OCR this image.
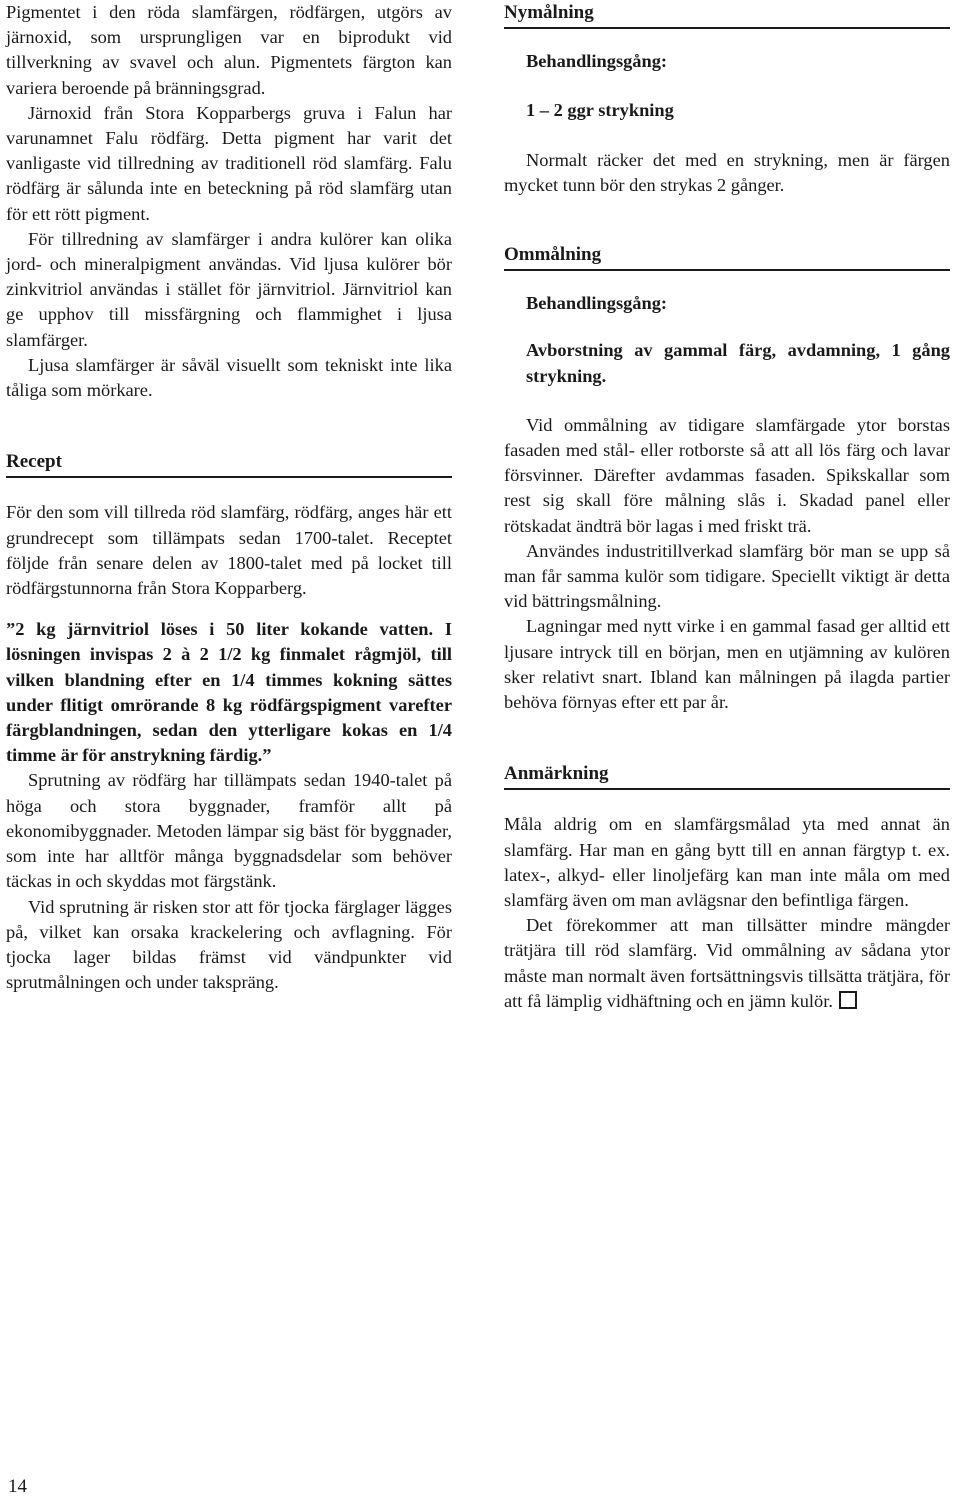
Pigmentet i den röda slamfärgen, rödfärgen, utgörs av järnoxid, som ursprungligen var en biprodukt vid tillverkning av svavel och alun. Pigmentets färgton kan variera beroende på bränningsgrad.

Järnoxid från Stora Kopparbergs gruva i Falun har varunamnet Falu rödfärg. Detta pigment har varit det vanligaste vid tillredning av traditionell röd slamfärg. Falu rödfärg är sålunda inte en beteckning på röd slamfärg utan för ett rött pigment.

För tillredning av slamfärger i andra kulörer kan olika jord- och mineralpigment användas. Vid ljusa kulörer bör zinkvitriol användas i stället för järnvitriol. Järnvitriol kan ge upphov till missfärgning och flammighet i ljusa slamfärger.

Ljusa slamfärger är såväl visuellt som tekniskt inte lika tåliga som mörkare.

Recept

För den som vill tillreda röd slamfärg, rödfärg, anges här ett grundrecept som tillämpats sedan 1700-talet. Receptet följde från senare delen av 1800-talet med på locket till rödfärgstunnorna från Stora Kopparberg.

”2 kg järnvitriol löses i 50 liter kokande vatten. I lösningen invispas 2 à 2 1/2 kg finmalet rågmjöl, till vilken blandning efter en 1/4 timmes kokning sättes under flitigt omrörande 8 kg rödfärgspigment varefter färgblandningen, sedan den ytterligare kokas en 1/4 timme är för anstrykning färdig.”

Sprutning av rödfärg har tillämpats sedan 1940-talet på höga och stora byggnader, framför allt på ekonomibyggnader. Metoden lämpar sig bäst för byggnader, som inte har alltför många byggnadsdelar som behöver täckas in och skyddas mot färgstänk.

Vid sprutning är risken stor att för tjocka färglager lägges på, vilket kan orsaka krackelering och avflagning. För tjocka lager bildas främst vid vändpunkter vid sprutmålningen och under takspräng.

Nymålning

Behandlingsgång:

1 – 2 ggr strykning

Normalt räcker det med en strykning, men är färgen mycket tunn bör den strykas 2 gånger.

Ommålning

Behandlingsgång:

Avborstning av gammal färg, avdamning, 1 gång strykning.

Vid ommålning av tidigare slamfärgade ytor borstas fasaden med stål- eller rotborste så att all lös färg och lavar försvinner. Därefter avdammas fasaden. Spikskallar som rest sig skall före målning slås i. Skadad panel eller rötskadat ändträ bör lagas i med friskt trä.

Användes industritillverkad slamfärg bör man se upp så man får samma kulör som tidigare. Speciellt viktigt är detta vid bättringsmålning.

Lagningar med nytt virke i en gammal fasad ger alltid ett ljusare intryck till en början, men en utjämning av kulören sker relativt snart. Ibland kan målningen på ilagda partier behöva förnyas efter ett par år.

Anmärkning

Måla aldrig om en slamfärgsmålad yta med annat än slamfärg. Har man en gång bytt till en annan färgtyp t. ex. latex-, alkyd- eller linoljefärg kan man inte måla om med slamfärg även om man avlägsnar den befintliga färgen.

Det förekommer att man tillsätter mindre mängder trätjära till röd slamfärg. Vid ommålning av sådana ytor måste man normalt även fortsättningsvis tillsätta trätjära, för att få lämplig vidhäftning och en jämn kulör.

14
